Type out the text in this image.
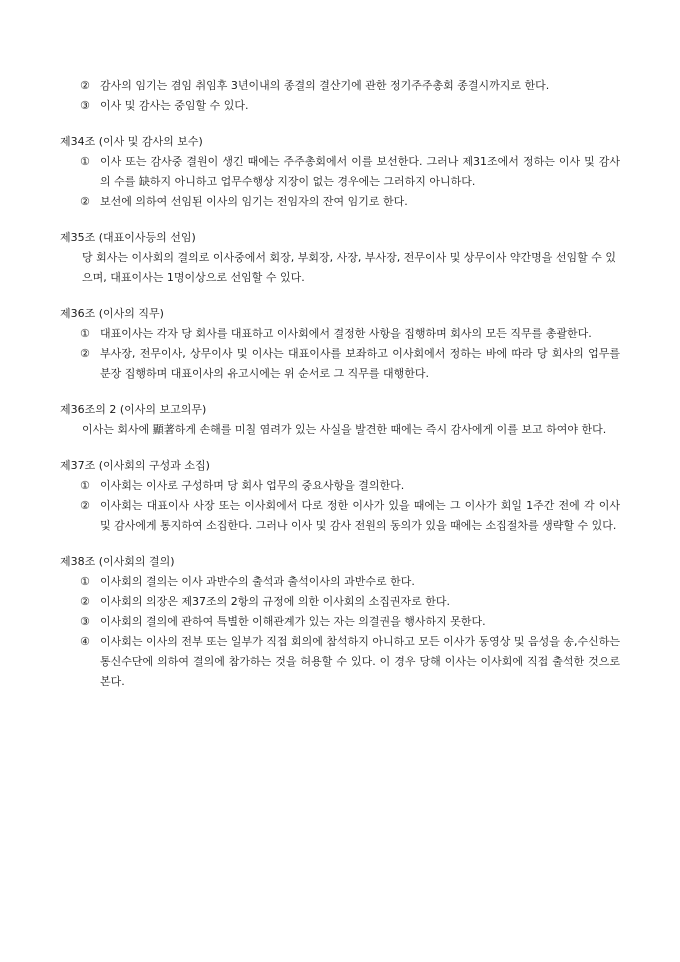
② 감사의 임기는 겸임 취임후 3년이내의 종결의 결산기에 관한 정기주주총회 종결시까지로 한다.
③ 이사 및 감사는 중임할 수 있다.
제34조 (이사 및 감사의 보수)
① 이사 또는 감사중 결원이 생긴 때에는 주주총회에서 이를 보선한다. 그러나 제31조에서 정하는 이사 및 감사의 수를 缺하지 아니하고 업무수행상 지장이 없는 경우에는 그러하지 아니하다.
② 보선에 의하여 선임된 이사의 임기는 전임자의 잔여 임기로 한다.
제35조 (대표이사등의 선임)
당 회사는 이사회의 결의로 이사중에서 회장, 부회장, 사장, 부사장, 전무이사 및 상무이사 약간명을 선임할 수 있으며, 대표이사는 1명이상으로 선임할 수 있다.
제36조 (이사의 직무)
① 대표이사는 각자 당 회사를 대표하고 이사회에서 결정한 사항을 집행하며 회사의 모든 직무를 총괄한다.
② 부사장, 전무이사, 상무이사 및 이사는 대표이사를 보좌하고 이사회에서 정하는 바에 따라 당 회사의 업무를 분장 집행하며 대표이사의 유고시에는 위 순서로 그 직무를 대행한다.
제36조의 2 (이사의 보고의무)
이사는 회사에 顯著하게 손해를 미칠 염려가 있는 사실을 발견한 때에는 즉시 감사에게 이를 보고 하여야 한다.
제37조 (이사회의 구성과 소집)
① 이사회는 이사로 구성하며 당 회사 업무의 중요사항을 결의한다.
② 이사회는 대표이사 사장 또는 이사회에서 다로 정한 이사가 있을 때에는 그 이사가 회일 1주간 전에 각 이사 및 감사에게 통지하여 소집한다. 그러나 이사 및 감사 전원의 동의가 있을 때에는 소집절차를 생략할 수 있다.
제38조 (이사회의 결의)
① 이사회의 결의는 이사 과반수의 출석과 출석이사의 과반수로 한다.
② 이사회의 의장은 제37조의 2항의 규정에 의한 이사회의 소집권자로 한다.
③ 이사회의 결의에 관하여 특별한 이해관계가 있는 자는 의결권을 행사하지 못한다.
④ 이사회는 이사의 전부 또는 일부가 직접 회의에 참석하지 아니하고 모든 이사가 동영상 및 음성을 송,수신하는 통신수단에 의하여 결의에 참가하는 것을 허용할 수 있다. 이 경우 당해 이사는 이사회에 직접 출석한 것으로 본다.
